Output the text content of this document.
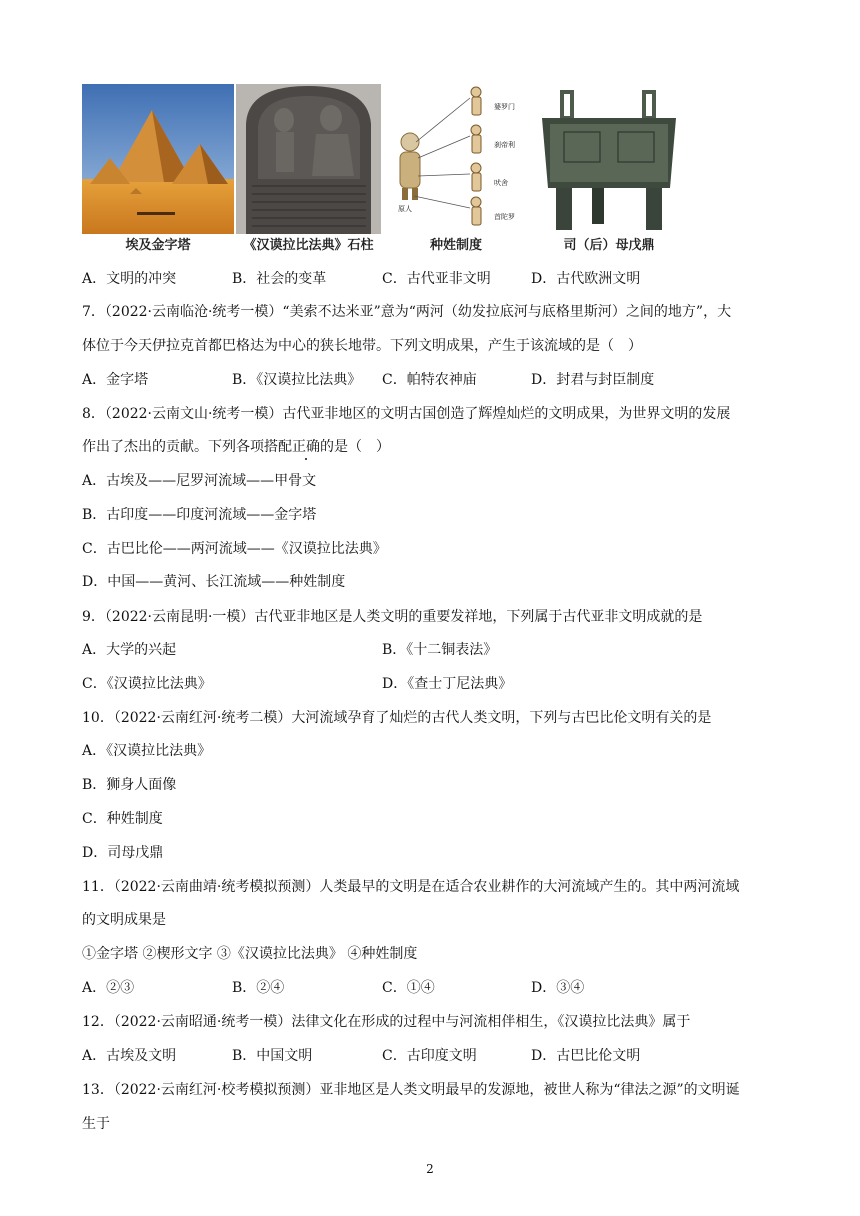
埃及金字塔	《汉谟拉比法典》石柱
婆罗门
刹帝利
吠舍
首陀罗
原人
种姓制度	司（后）母戊鼎
A．文明的冲突	B．社会的变革	C．古代亚非文明	D．古代欧洲文明
7．（2022·云南临沧·统考一模）“美索不达米亚”意为“两河（幼发拉底河与底格里斯河）之间的地方”，大
体位于今天伊拉克首都巴格达为中心的狭长地带。下列文明成果，产生于该流域的是（　）
A．金字塔	B．《汉谟拉比法典》 C．帕特农神庙	D．封君与封臣制度
8．（2022·云南文山·统考一模）古代亚非地区的文明古国创造了辉煌灿烂的文明成果，为世界文明的发展
作出了杰出的贡献。下列各项搭配正确的是（　）
A．古埃及——尼罗河流域——甲骨文
B．古印度——印度河流域——金字塔
C．古巴比伦——两河流域——《汉谟拉比法典》
D．中国——黄河、长江流域——种姓制度
9．（2022·云南昆明·一模）古代亚非地区是人类文明的重要发祥地，下列属于古代亚非文明成就的是
A．大学的兴起	B．《十二铜表法》
C．《汉谟拉比法典》	D．《查士丁尼法典》
10．（2022·云南红河·统考二模）大河流域孕育了灿烂的古代人类文明，下列与古巴比伦文明有关的是
A．《汉谟拉比法典》
B．狮身人面像
C．种姓制度
D．司母戊鼎
11．（2022·云南曲靖·统考模拟预测）人类最早的文明是在适合农业耕作的大河流域产生的。其中两河流域
的文明成果是
①金字塔 ②楔形文字 ③《汉谟拉比法典》 ④种姓制度
A．②③	B．②④	C．①④	D．③④
12．（2022·云南昭通·统考一模）法律文化在形成的过程中与河流相伴相生，《汉谟拉比法典》属于
A．古埃及文明	B．中国文明	C．古印度文明	D．古巴比伦文明
13．（2022·云南红河·校考模拟预测）亚非地区是人类文明最早的发源地，被世人称为“律法之源”的文明诞
生于
2
